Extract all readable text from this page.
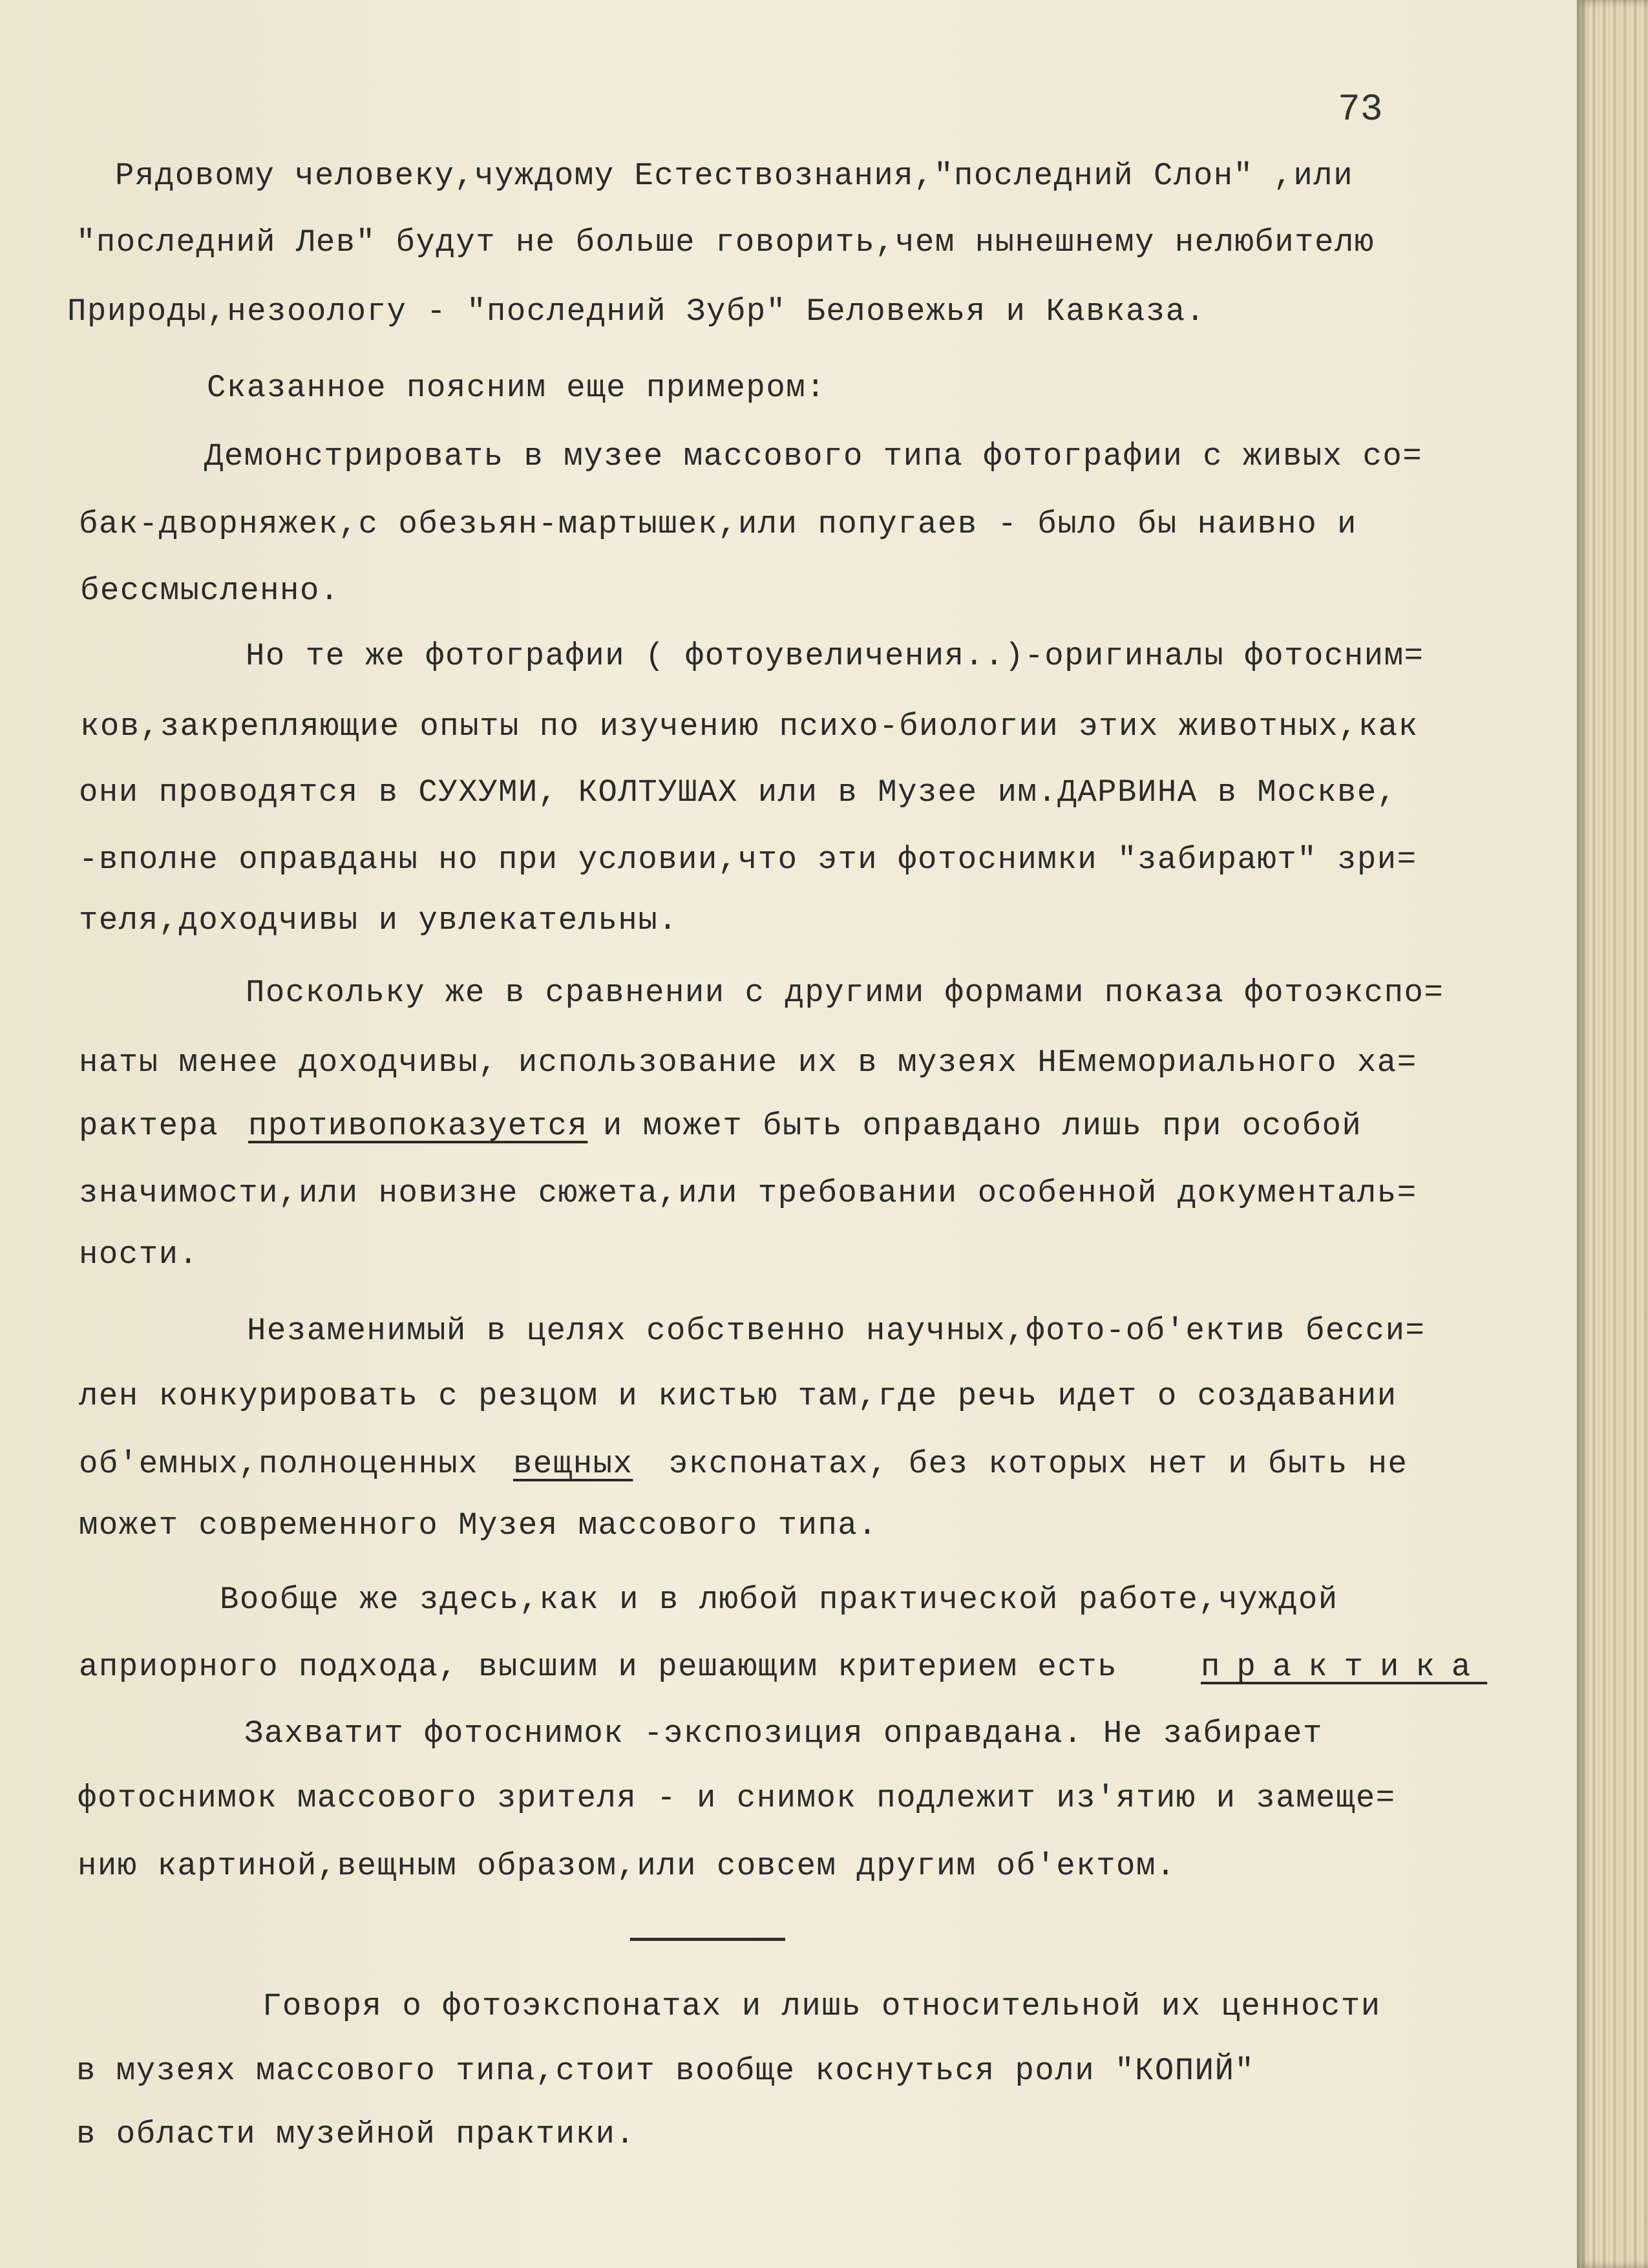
73
Рядовому человеку,чуждому Естествознания,"последний Слон" ,или
"последний Лев" будут не больше говорить,чем нынешнему нелюбителю
Природы,незоологу - "последний Зубр" Беловежья и Кавказа.
Сказанное поясним еще примером:
Демонстрировать в музее массового типа фотографии с живых со=
бак-дворняжек,с обезьян-мартышек,или попугаев - было бы наивно и
бессмысленно.
Но те же фотографии ( фотоувеличения..)-оригиналы фотосним=
ков,закрепляющие опыты по изучению психо-биологии этих животных,как
они проводятся в СУХУМИ, КОЛТУШАХ или в Музее им.ДАРВИНА в Москве,
-вполне оправданы но при условии,что эти фотоснимки "забирают" зри=
теля,доходчивы и увлекательны.
Поскольку же в сравнении с другими формами показа фотоэкспо=
наты менее доходчивы, использование их в музеях НЕмемориального ха=
рактера противопоказуется
и может быть оправдано лишь при особой
значимости,или новизне сюжета,или требовании особенной документаль=
ности.
Незаменимый в целях собственно научных,фото-об'ектив бесси=
лен конкурировать с резцом и кистью там,где речь идет о создавании
об'емных,полноценных вещных экспонатах, без которых нет и быть не
может современного Музея массового типа.
Вообще же здесь,как и в любой практической работе,чуждой
априорного подхода, высшим и решающим критерием есть	практика
Захватит фотоснимок -экспозиция оправдана. Не забирает
фотоснимок массового зрителя - и снимок подлежит из'ятию и замеще=
нию картиной,вещным образом,или совсем другим об'ектом.
Говоря о фотоэкспонатах и лишь относительной их ценности
в музеях массового типа,стоит вообще коснуться роли "КОПИЙ"
в области музейной практики.
